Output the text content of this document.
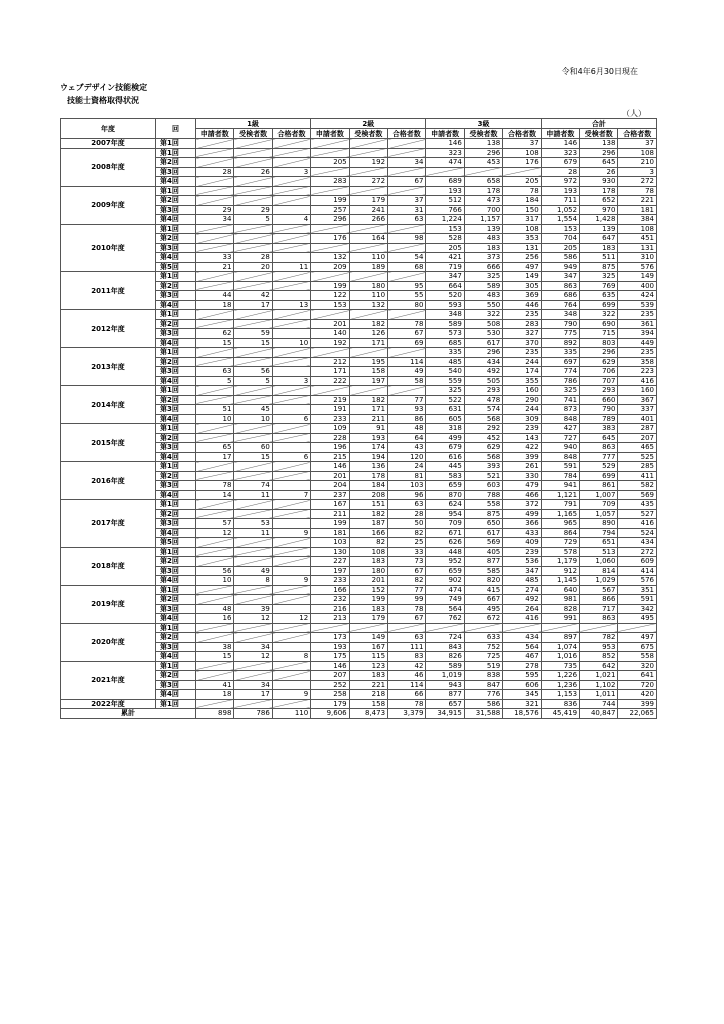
令和4年6月30日現在
ウェブデザイン技能検定
技能士資格取得状況
（人）
年度	回	1級			2級			3級			合計		
		申請者数	受検者数	合格者数	申請者数	受検者数	合格者数	申請者数	受検者数	合格者数	申請者数	受検者数	合格者数
2007年度	第1回							146	138	37	146	138	37
2008年度	第1回							323	296	108	323	296	108
	第2回				205	192	34	474	453	176	679	645	210
	第3回	28	26	3							28	26	3
	第4回				283	272	67	689	658	205	972	930	272
2009年度	第1回							193	178	78	193	178	78
	第2回				199	179	37	512	473	184	711	652	221
	第3回	29	29		257	241	31	766	700	150	1,052	970	181
	第4回	34	5	4	296	266	63	1,224	1,157	317	1,554	1,428	384
2010年度	第1回							153	139	108	153	139	108
	第2回				176	164	98	528	483	353	704	647	451
	第3回							205	183	131	205	183	131
	第4回	33	28		132	110	54	421	373	256	586	511	310
	第5回	21	20	11	209	189	68	719	666	497	949	875	576
2011年度	第1回							347	325	149	347	325	149
	第2回				199	180	95	664	589	305	863	769	400
	第3回	44	42		122	110	55	520	483	369	686	635	424
	第4回	18	17	13	153	132	80	593	550	446	764	699	539
2012年度	第1回							348	322	235	348	322	235
	第2回				201	182	78	589	508	283	790	690	361
	第3回	62	59		140	126	67	573	530	327	775	715	394
	第4回	15	15	10	192	171	69	685	617	370	892	803	449
2013年度	第1回							335	296	235	335	296	235
	第2回				212	195	114	485	434	244	697	629	358
	第3回	63	56		171	158	49	540	492	174	774	706	223
	第4回	5	5	3	222	197	58	559	505	355	786	707	416
2014年度	第1回							325	293	160	325	293	160
	第2回				219	182	77	522	478	290	741	660	367
	第3回	51	45		191	171	93	631	574	244	873	790	337
	第4回	10	10	6	233	211	86	605	568	309	848	789	401
2015年度	第1回				109	91	48	318	292	239	427	383	287
	第2回				228	193	64	499	452	143	727	645	207
	第3回	65	60		196	174	43	679	629	422	940	863	465
	第4回	17	15	6	215	194	120	616	568	399	848	777	525
2016年度	第1回				146	136	24	445	393	261	591	529	285
	第2回				201	178	81	583	521	330	784	699	411
	第3回	78	74		204	184	103	659	603	479	941	861	582
	第4回	14	11	7	237	208	96	870	788	466	1,121	1,007	569
2017年度	第1回				167	151	63	624	558	372	791	709	435
	第2回				211	182	28	954	875	499	1,165	1,057	527
	第3回	57	53		199	187	50	709	650	366	965	890	416
	第4回	12	11	9	181	166	82	671	617	433	864	794	524
	第5回				103	82	25	626	569	409	729	651	434
2018年度	第1回				130	108	33	448	405	239	578	513	272
	第2回				227	183	73	952	877	536	1,179	1,060	609
	第3回	56	49		197	180	67	659	585	347	912	814	414
	第4回	10	8	9	233	201	82	902	820	485	1,145	1,029	576
2019年度	第1回				166	152	77	474	415	274	640	567	351
	第2回				232	199	99	749	667	492	981	866	591
	第3回	48	39		216	183	78	564	495	264	828	717	342
	第4回	16	12	12	213	179	67	762	672	416	991	863	495
2020年度	第1回												
	第2回				173	149	63	724	633	434	897	782	497
	第3回	38	34		193	167	111	843	752	564	1,074	953	675
	第4回	15	12	8	175	115	83	826	725	467	1,016	852	558
2021年度	第1回				146	123	42	589	519	278	735	642	320
	第2回				207	183	46	1,019	838	595	1,226	1,021	641
	第3回	41	34		252	221	114	943	847	606	1,236	1,102	720
	第4回	18	17	9	258	218	66	877	776	345	1,153	1,011	420
2022年度	第1回				179	158	78	657	586	321	836	744	399
累計		898	786	110	9,606	8,473	3,379	34,915	31,588	18,576	45,419	40,847	22,065
